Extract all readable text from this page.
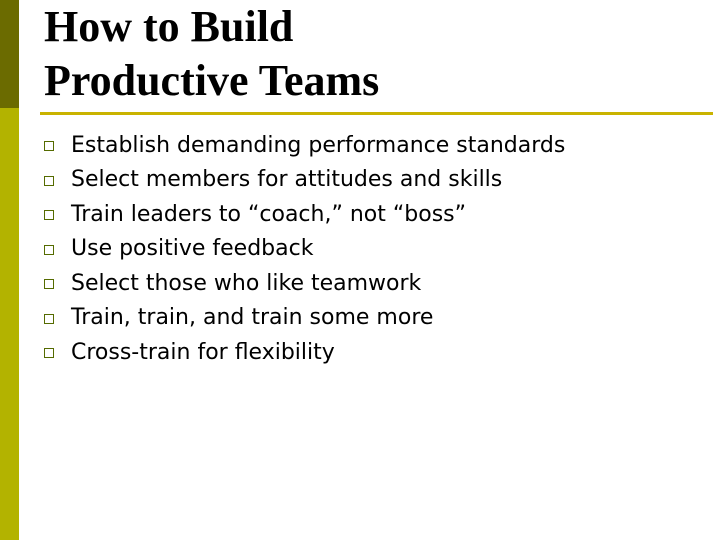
How to Build
Productive Teams
Establish demanding performance standards
Select members for attitudes and skills
Train leaders to “coach,” not “boss”
Use positive feedback
Select those who like teamwork
Train, train, and train some more
Cross-train for flexibility
